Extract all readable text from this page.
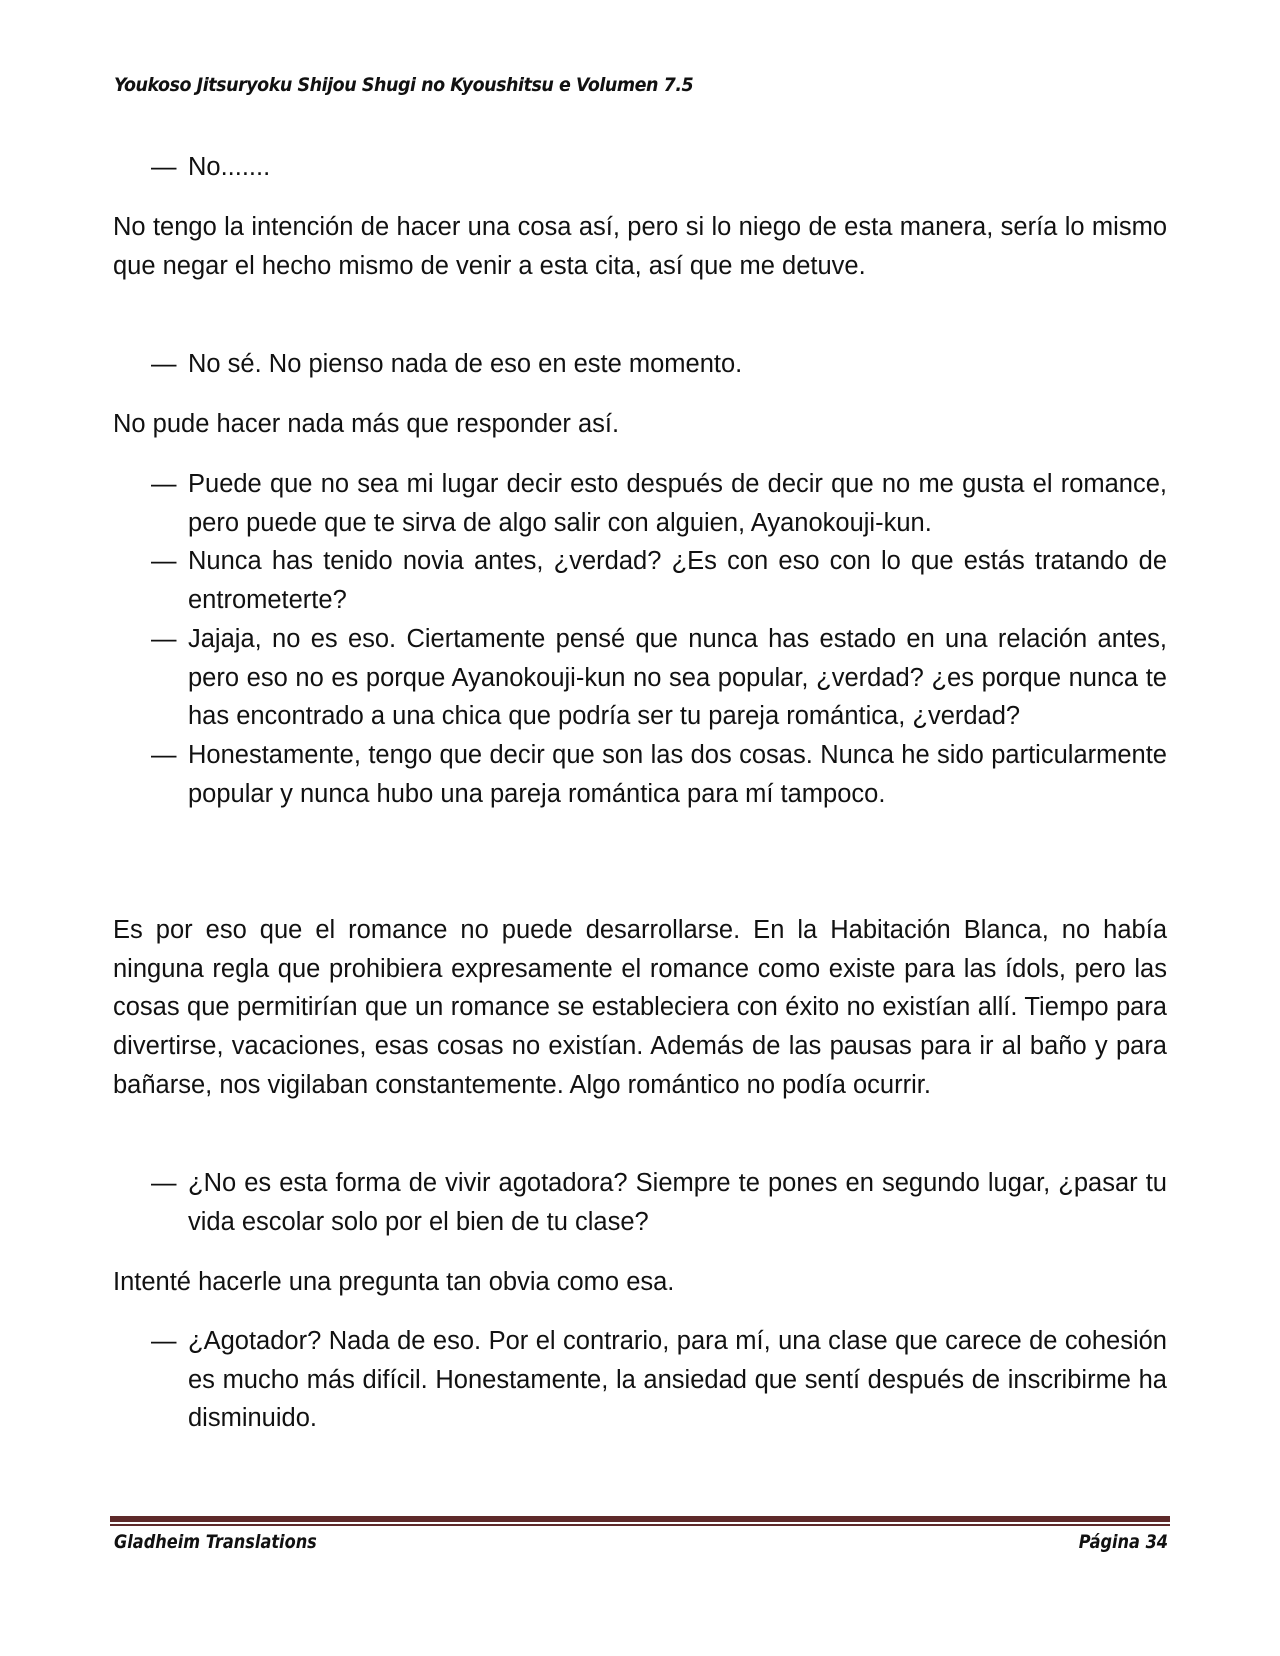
Youkoso Jitsuryoku Shijou Shugi no Kyoushitsu e Volumen 7.5
— No.......
No tengo la intención de hacer una cosa así, pero si lo niego de esta manera, sería lo mismo que negar el hecho mismo de venir a esta cita, así que me detuve.
— No sé. No pienso nada de eso en este momento.
No pude hacer nada más que responder así.
— Puede que no sea mi lugar decir esto después de decir que no me gusta el romance, pero puede que te sirva de algo salir con alguien, Ayanokouji-kun.
— Nunca has tenido novia antes, ¿verdad? ¿Es con eso con lo que estás tratando de entrometerte?
— Jajaja, no es eso. Ciertamente pensé que nunca has estado en una relación antes, pero eso no es porque Ayanokouji-kun no sea popular, ¿verdad? ¿es porque nunca te has encontrado a una chica que podría ser tu pareja romántica, ¿verdad?
— Honestamente, tengo que decir que son las dos cosas. Nunca he sido particularmente popular y nunca hubo una pareja romántica para mí tampoco.
Es por eso que el romance no puede desarrollarse. En la Habitación Blanca, no había ninguna regla que prohibiera expresamente el romance como existe para las ídols, pero las cosas que permitirían que un romance se estableciera con éxito no existían allí. Tiempo para divertirse, vacaciones, esas cosas no existían. Además de las pausas para ir al baño y para bañarse, nos vigilaban constantemente. Algo romántico no podía ocurrir.
— ¿No es esta forma de vivir agotadora? Siempre te pones en segundo lugar, ¿pasar tu vida escolar solo por el bien de tu clase?
Intenté hacerle una pregunta tan obvia como esa.
— ¿Agotador? Nada de eso. Por el contrario, para mí, una clase que carece de cohesión es mucho más difícil. Honestamente, la ansiedad que sentí después de inscribirme ha disminuido.
Gladheim Translations	Página 34
